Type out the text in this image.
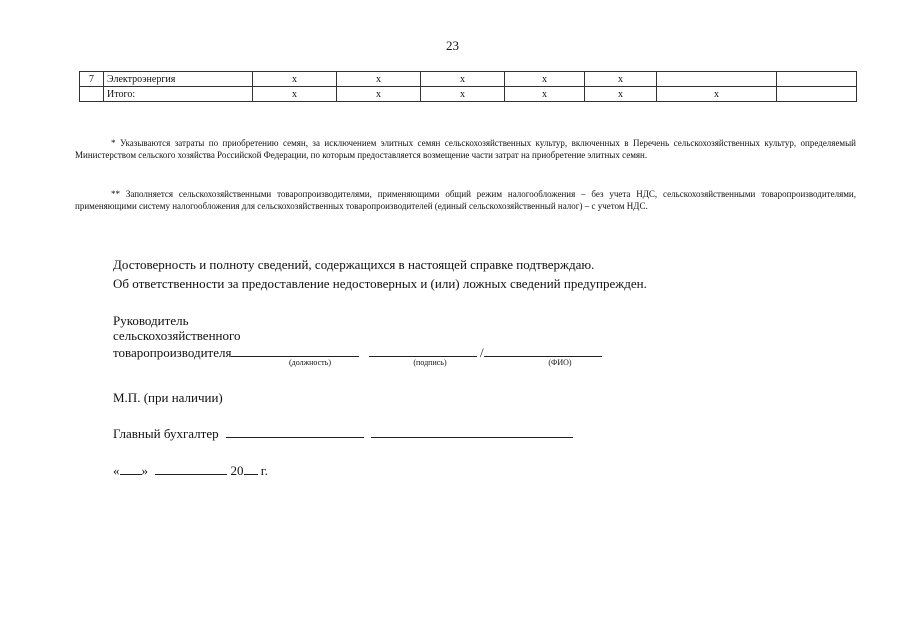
23
7	Электроэнергия	х	х	х	х	х		
	Итого:	х	х	х	х	х	х	
* Указываются затраты по приобретению семян, за исключением элитных семян сельскохозяйственных культур, включенных в Перечень сельскохозяйственных культур, определяемый Министерством сельского хозяйства Российской Федерации, по которым предоставляется возмещение части затрат на приобретение элитных семян.
** Заполняется сельскохозяйственными товаропроизводителями, применяющими общий режим налогообложения – без учета НДС, сельскохозяйственными товаропроизводителями, применяющими систему налогообложения для сельскохозяйственных товаропроизводителей (единый сельскохозяйственный налог) – с учетом НДС.
Достоверность и полноту сведений, содержащихся в настоящей справке подтверждаю.
Об ответственности за предоставление недостоверных и (или) ложных сведений предупрежден.
Руководитель
сельскохозяйственного
товаропроизводителя	/
(должность)	(подпись)	(ФИО)
М.П. (при наличии)
Главный бухгалтер
« »	20 г.
